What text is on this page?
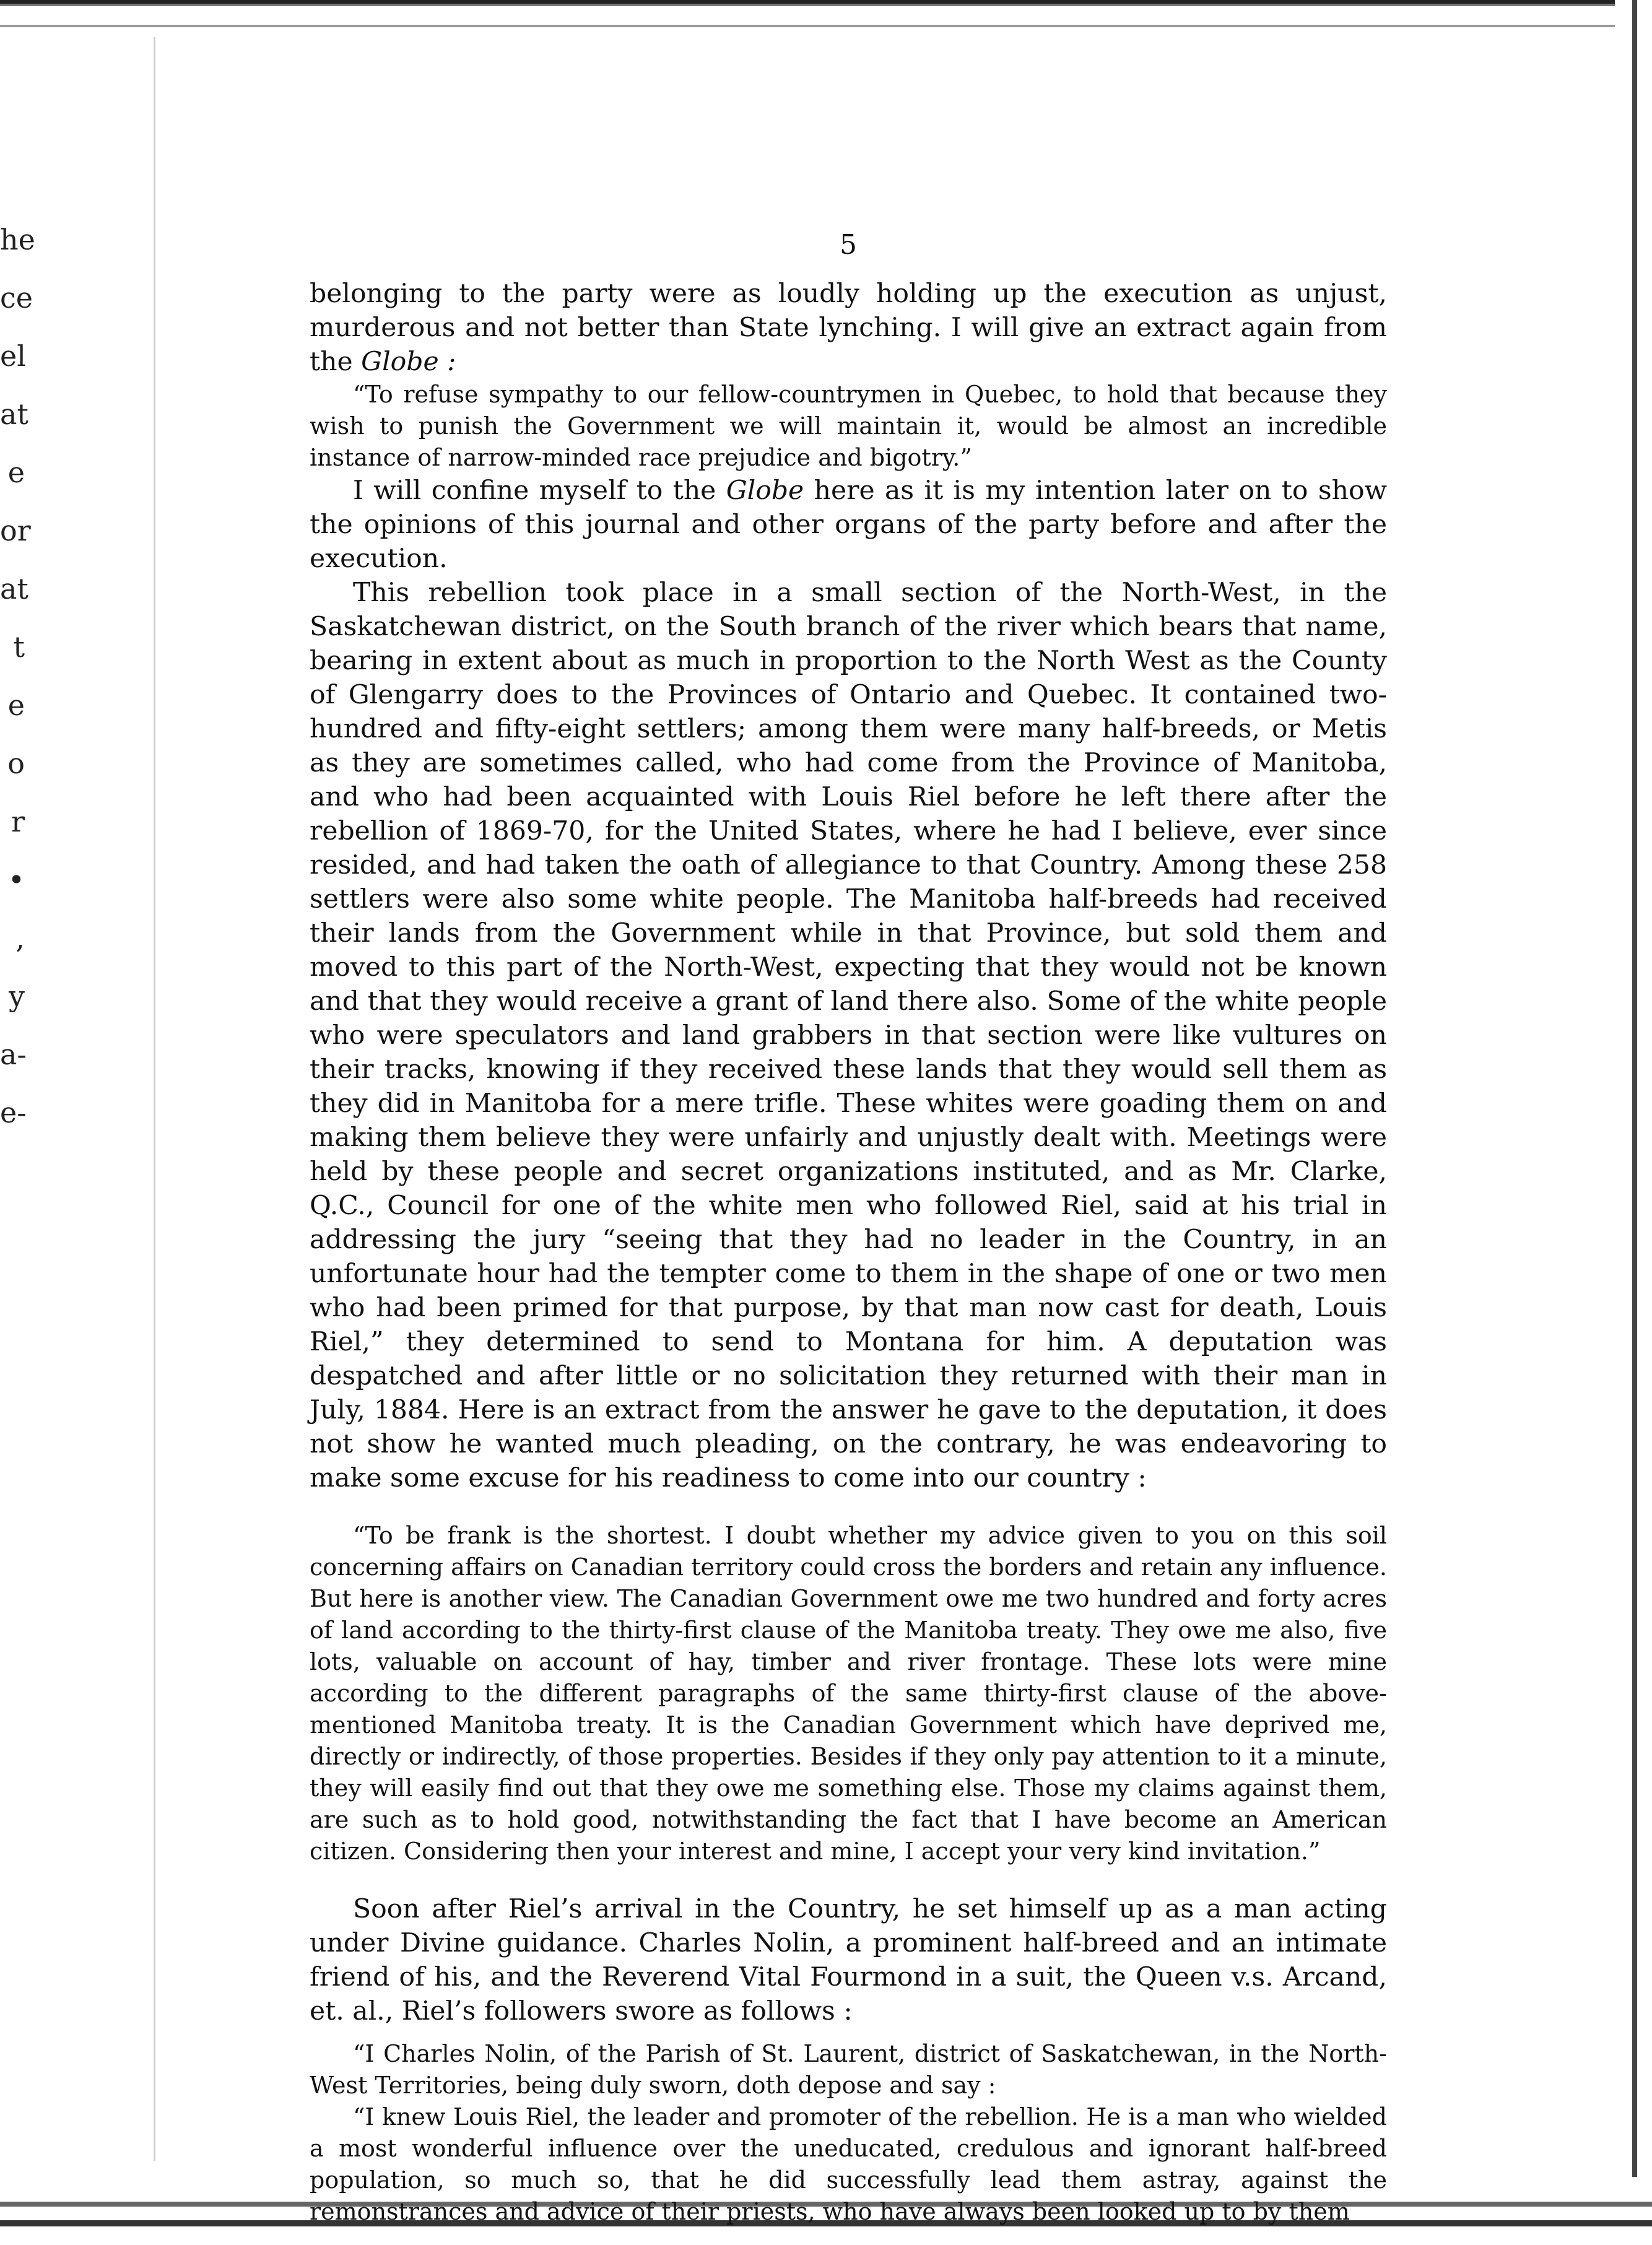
he
ce
el
at
e
or
at
t
e
o
r
•
,
y
a-
e-
5

belonging to the party were as loudly holding up the execution as unjust, murderous and not better than State lynching. I will give an extract again from the Globe :

“To refuse sympathy to our fellow-countrymen in Quebec, to hold that because they wish to punish the Government we will maintain it, would be almost an incredible instance of narrow-minded race prejudice and bigotry.”

I will confine myself to the Globe here as it is my intention later on to show the opinions of this journal and other organs of the party before and after the execution.

This rebellion took place in a small section of the North-West, in the Saskatchewan district, on the South branch of the river which bears that name, bearing in extent about as much in proportion to the North West as the County of Glengarry does to the Provinces of Ontario and Quebec. It contained two-hundred and fifty-eight settlers; among them were many half-breeds, or Metis as they are sometimes called, who had come from the Province of Manitoba, and who had been acquainted with Louis Riel before he left there after the rebellion of 1869-70, for the United States, where he had I believe, ever since resided, and had taken the oath of allegiance to that Country. Among these 258 settlers were also some white people. The Manitoba half-breeds had received their lands from the Government while in that Province, but sold them and moved to this part of the North-West, expecting that they would not be known and that they would receive a grant of land there also. Some of the white people who were speculators and land grabbers in that section were like vultures on their tracks, knowing if they received these lands that they would sell them as they did in Manitoba for a mere trifle. These whites were goading them on and making them believe they were unfairly and unjustly dealt with. Meetings were held by these people and secret organizations instituted, and as Mr. Clarke, Q.C., Council for one of the white men who followed Riel, said at his trial in addressing the jury “seeing that they had no leader in the Country, in an unfortunate hour had the tempter come to them in the shape of one or two men who had been primed for that purpose, by that man now cast for death, Louis Riel,” they determined to send to Montana for him. A deputation was despatched and after little or no solicitation they returned with their man in July, 1884. Here is an extract from the answer he gave to the deputation, it does not show he wanted much pleading, on the contrary, he was endeavoring to make some excuse for his readiness to come into our country :

“To be frank is the shortest. I doubt whether my advice given to you on this soil concerning affairs on Canadian territory could cross the borders and retain any influence. But here is another view. The Canadian Government owe me two hundred and forty acres of land according to the thirty-first clause of the Manitoba treaty. They owe me also, five lots, valuable on account of hay, timber and river frontage. These lots were mine according to the different paragraphs of the same thirty-first clause of the above-mentioned Manitoba treaty. It is the Canadian Government which have deprived me, directly or indirectly, of those properties. Besides if they only pay attention to it a minute, they will easily find out that they owe me something else. Those my claims against them, are such as to hold good, notwithstanding the fact that I have become an American citizen. Considering then your interest and mine, I accept your very kind invitation.”

Soon after Riel’s arrival in the Country, he set himself up as a man acting under Divine guidance. Charles Nolin, a prominent half-breed and an intimate friend of his, and the Reverend Vital Fourmond in a suit, the Queen v.s. Arcand, et. al., Riel’s followers swore as follows :

“I Charles Nolin, of the Parish of St. Laurent, district of Saskatchewan, in the North-West Territories, being duly sworn, doth depose and say :

“I knew Louis Riel, the leader and promoter of the rebellion. He is a man who wielded a most wonderful influence over the uneducated, credulous and ignorant half-breed population, so much so, that he did successfully lead them astray, against the remonstrances and advice of their priests, who have always been looked up to by them
